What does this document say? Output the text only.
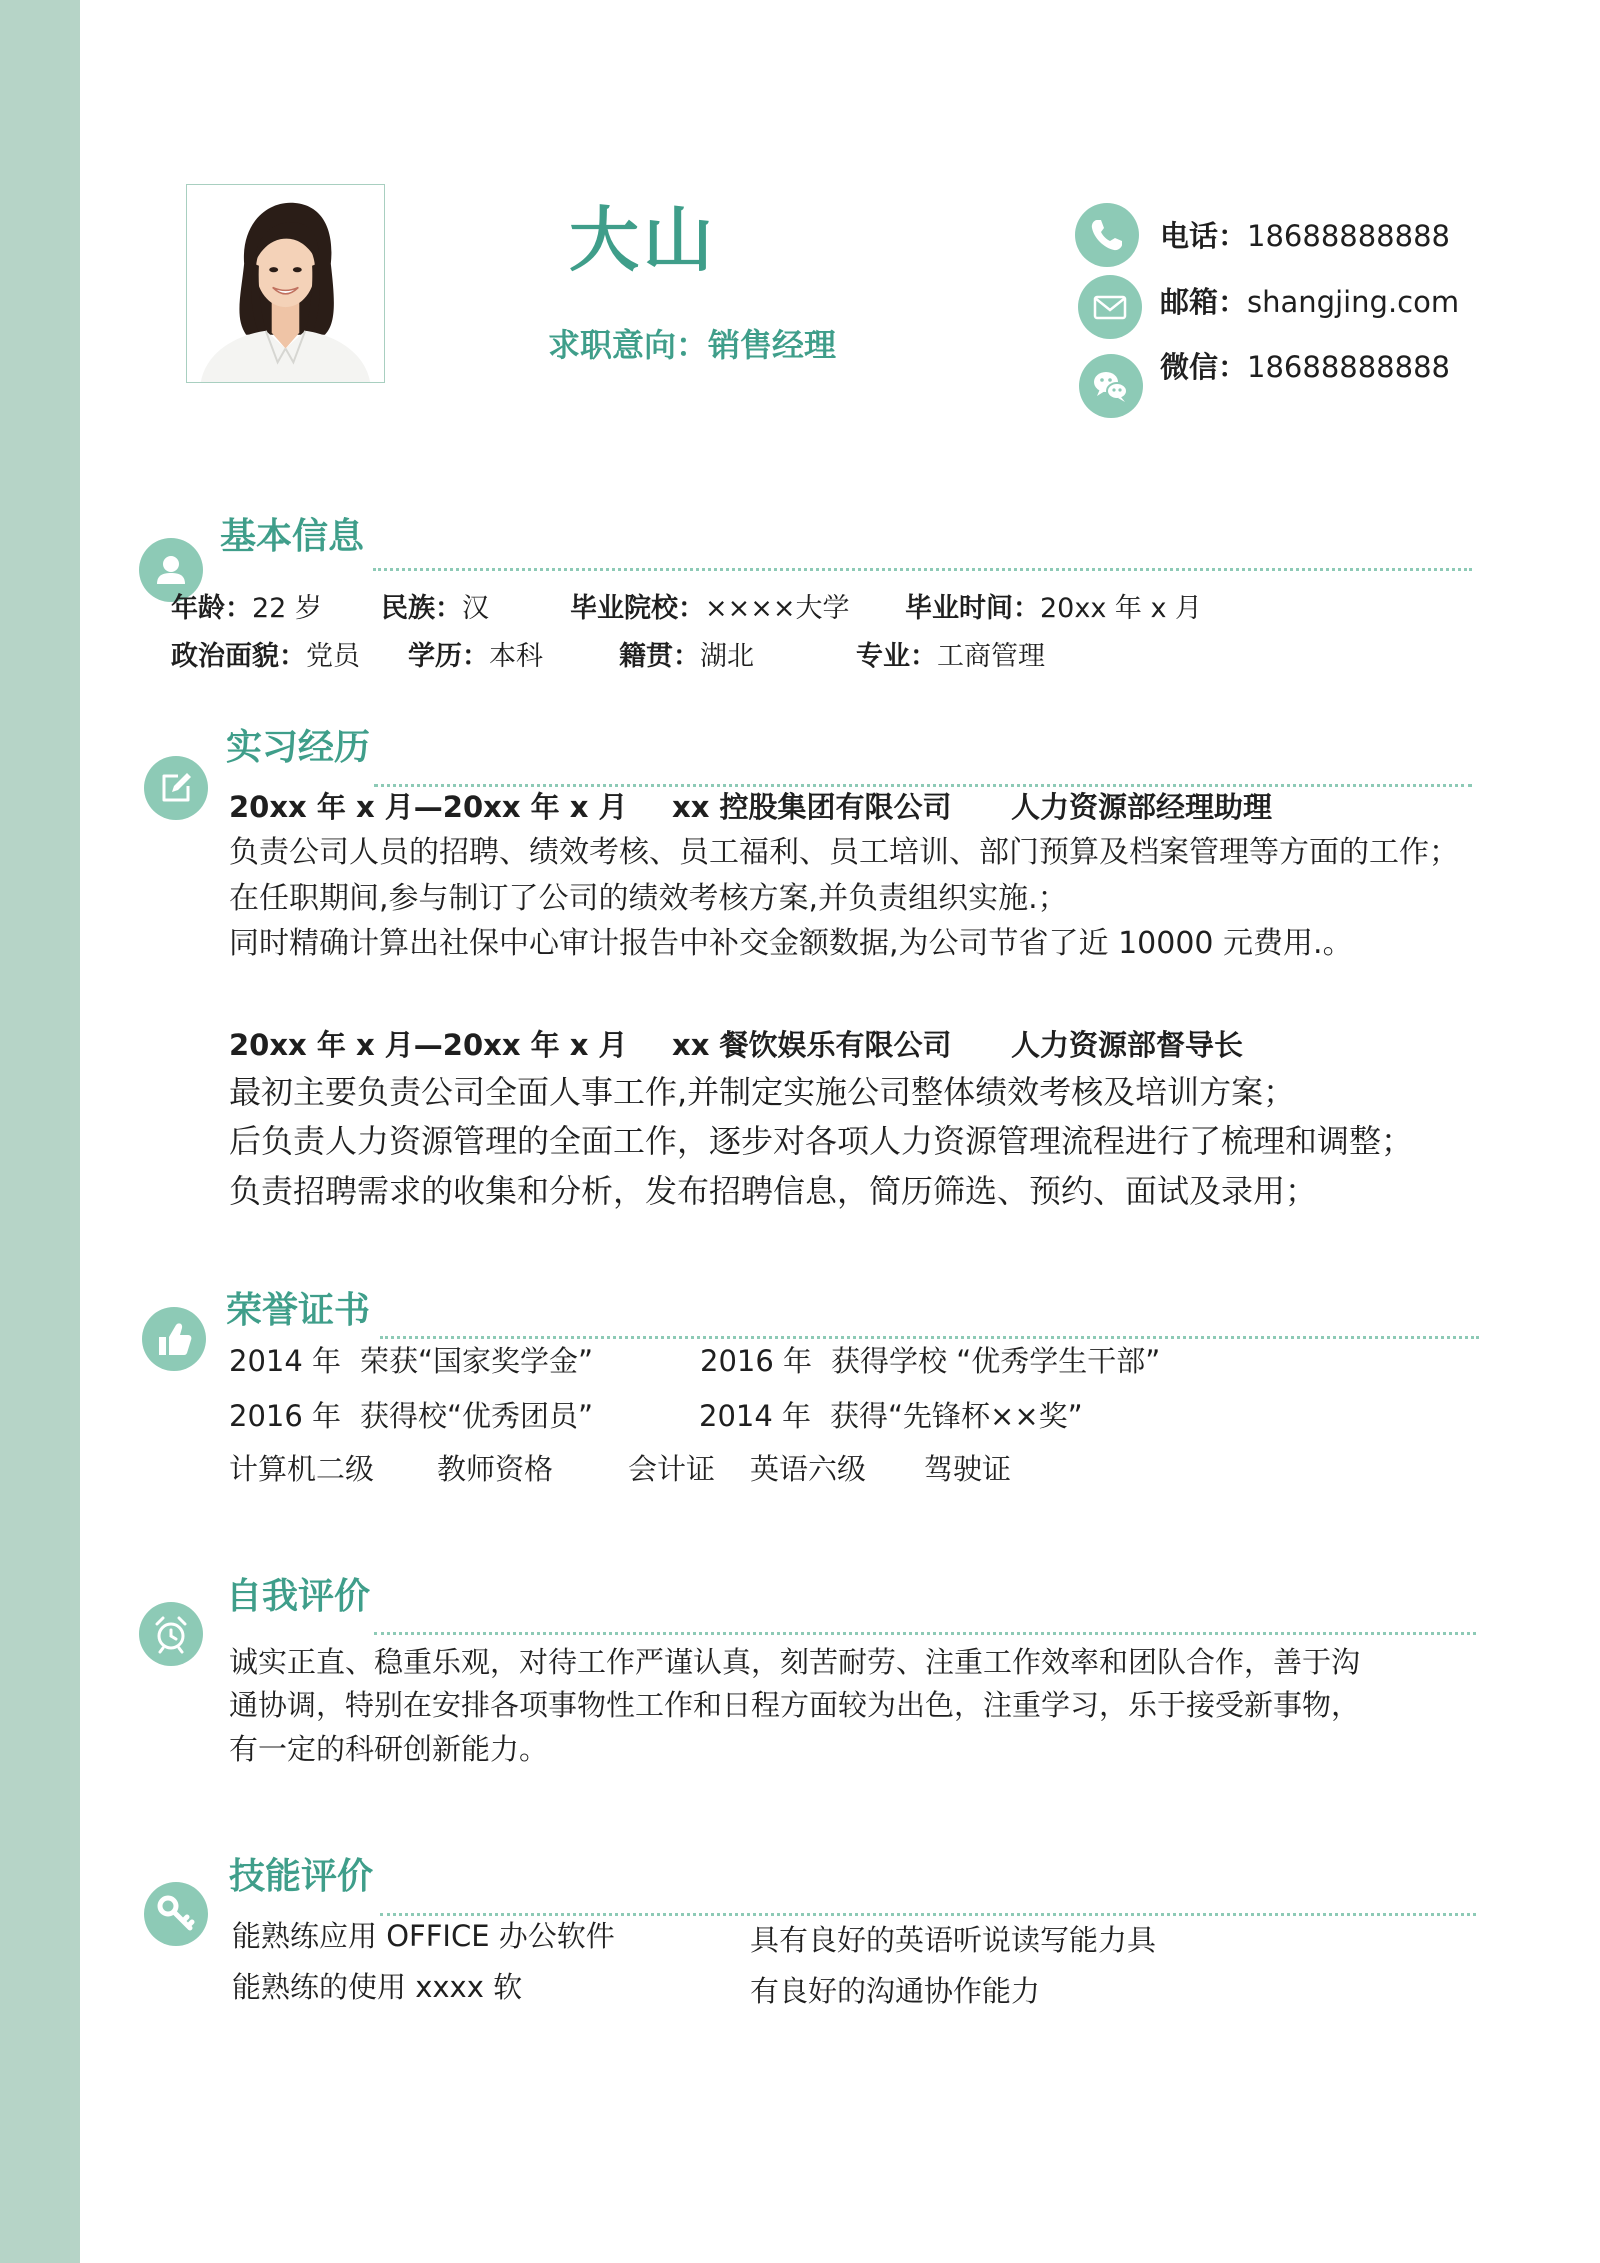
大山
求职意向：销售经理
电话：18688888888
邮箱：shangjing.com
微信：18688888888
基本信息
年龄：22 岁 民族：汉	毕业院校：××××大学 毕业时间：20xx 年 x 月
政治面貌：党员 学历：本科	籍贯：湖北	专业：工商管理
实习经历
20xx 年 x 月—20xx 年 x 月 xx 控股集团有限公司 人力资源部经理助理
负责公司人员的招聘、绩效考核、员工福利、员工培训、部门预算及档案管理等方面的工作；
在任职期间,参与制订了公司的绩效考核方案,并负责组织实施.；
同时精确计算出社保中心审计报告中补交金额数据,为公司节省了近 10000 元费用.。
20xx 年 x 月—20xx 年 x 月 xx 餐饮娱乐有限公司 人力资源部督导长
最初主要负责公司全面人事工作,并制定实施公司整体绩效考核及培训方案；
后负责人力资源管理的全面工作，逐步对各项人力资源管理流程进行了梳理和调整；
负责招聘需求的收集和分析，发布招聘信息，简历筛选、预约、面试及录用；
荣誉证书
2014 年 荣获“国家奖学金”	2016 年 获得学校 “优秀学生干部”
2016 年 获得校“优秀团员”	2014 年 获得“先锋杯××奖”
计算机二级 教师资格	会计证 英语六级 驾驶证
自我评价
诚实正直、稳重乐观，对待工作严谨认真，刻苦耐劳、注重工作效率和团队合作，善于沟
通协调，特别在安排各项事物性工作和日程方面较为出色，注重学习，乐于接受新事物，
有一定的科研创新能力。
技能评价
能熟练应用 OFFICE 办公软件	具有良好的英语听说读写能力具
能熟练的使用 xxxx 软	有良好的沟通协作能力
